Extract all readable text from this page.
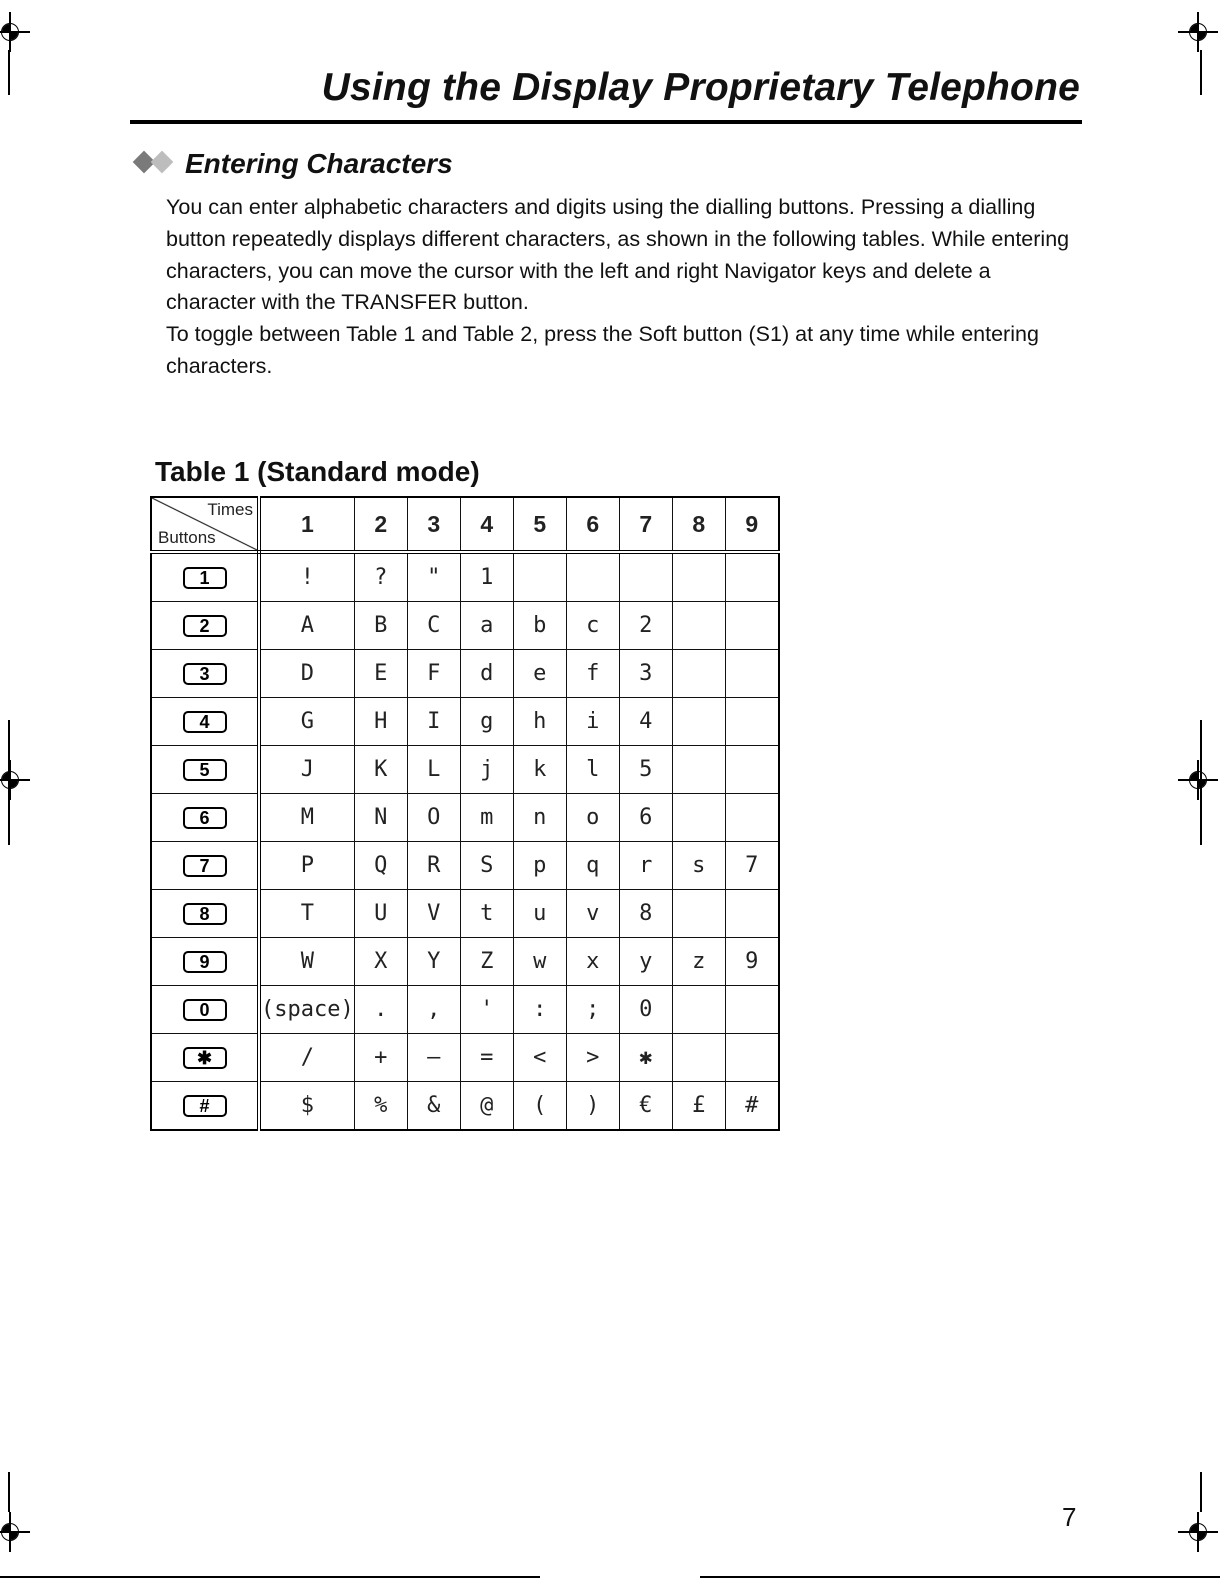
Using the Display Proprietary Telephone
Entering Characters

You can enter alphabetic characters and digits using the dialling buttons. Pressing a dialling button repeatedly displays different characters, as shown in the following tables. While entering characters, you can move the cursor with the left and right Navigator keys and delete a character with the TRANSFER button.

To toggle between Table 1 and Table 2, press the Soft button (S1) at any time while entering characters.

Table 1 (Standard mode)
Times
Buttons	1	2	3	4	5	6	7	8	9
1	!	?	"	1					
2	A	B	C	a	b	c	2		
3	D	E	F	d	e	f	3		
4	G	H	I	g	h	i	4		
5	J	K	L	j	k	l	5		
6	M	N	O	m	n	o	6		
7	P	Q	R	S	p	q	r	s	7
8	T	U	V	t	u	v	8		
9	W	X	Y	Z	w	x	y	z	9
0	(space)	.	,	'	:	;	0		
✱	/	+	—	=	<	>	✱		
#	$	%	&	@	(	)	€	£	#
7
